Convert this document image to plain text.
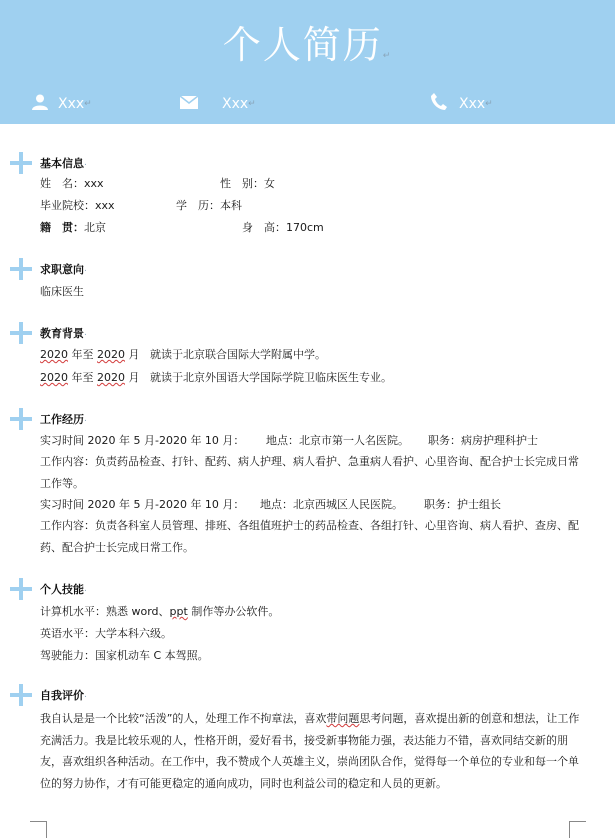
个人简历↵
Xxx ↵	Xxx ↵	Xxx ↵
基本信息 .
姓　名：xxx	性　别：女
毕业院校：xxx	学　历：本科
籍　贯：北京	身　高：170cm
求职意向 .
临床医生
教育背景 .
2020 年至 2020 月 就读于北京联合国际大学附属中学。
2020 年至 2020 月 就读于北京外国语大学国际学院卫临床医生专业。
工作经历 .
实习时间 2020 年 5 月-2020 年 10 月： 地点：北京市第一人名医院。 职务：病房护理科护士
工作内容：负责药品检查、打针、配药、病人护理、病人看护、急重病人看护、心里咨询、配合护士长完成日常工作等。
实习时间 2020 年 5 月-2020 年 10 月： 地点：北京西城区人民医院。 职务：护士组长
工作内容：负责各科室人员管理、排班、各组值班护士的药品检查、各组打针、心里咨询、病人看护、查房、配药、配合护士长完成日常工作。
个人技能 .
计算机水平：熟悉 word、ppt 制作等办公软件。
英语水平：大学本科六级。
驾驶能力：国家机动车 C 本驾照。
自我评价 .
我自认是是一个比较“活泼”的人，处理工作不拘章法，喜欢带问题思考问题，喜欢提出新的创意和想法，让工作充满活力。我是比较乐观的人，性格开朗，爱好看书，接受新事物能力强，表达能力不错，喜欢同结交新的朋友，喜欢组织各种活动。在工作中，我不赞成个人英雄主义，崇尚团队合作，觉得每一个单位的专业和每一个单位的努力协作，才有可能更稳定的通向成功，同时也利益公司的稳定和人员的更新。
